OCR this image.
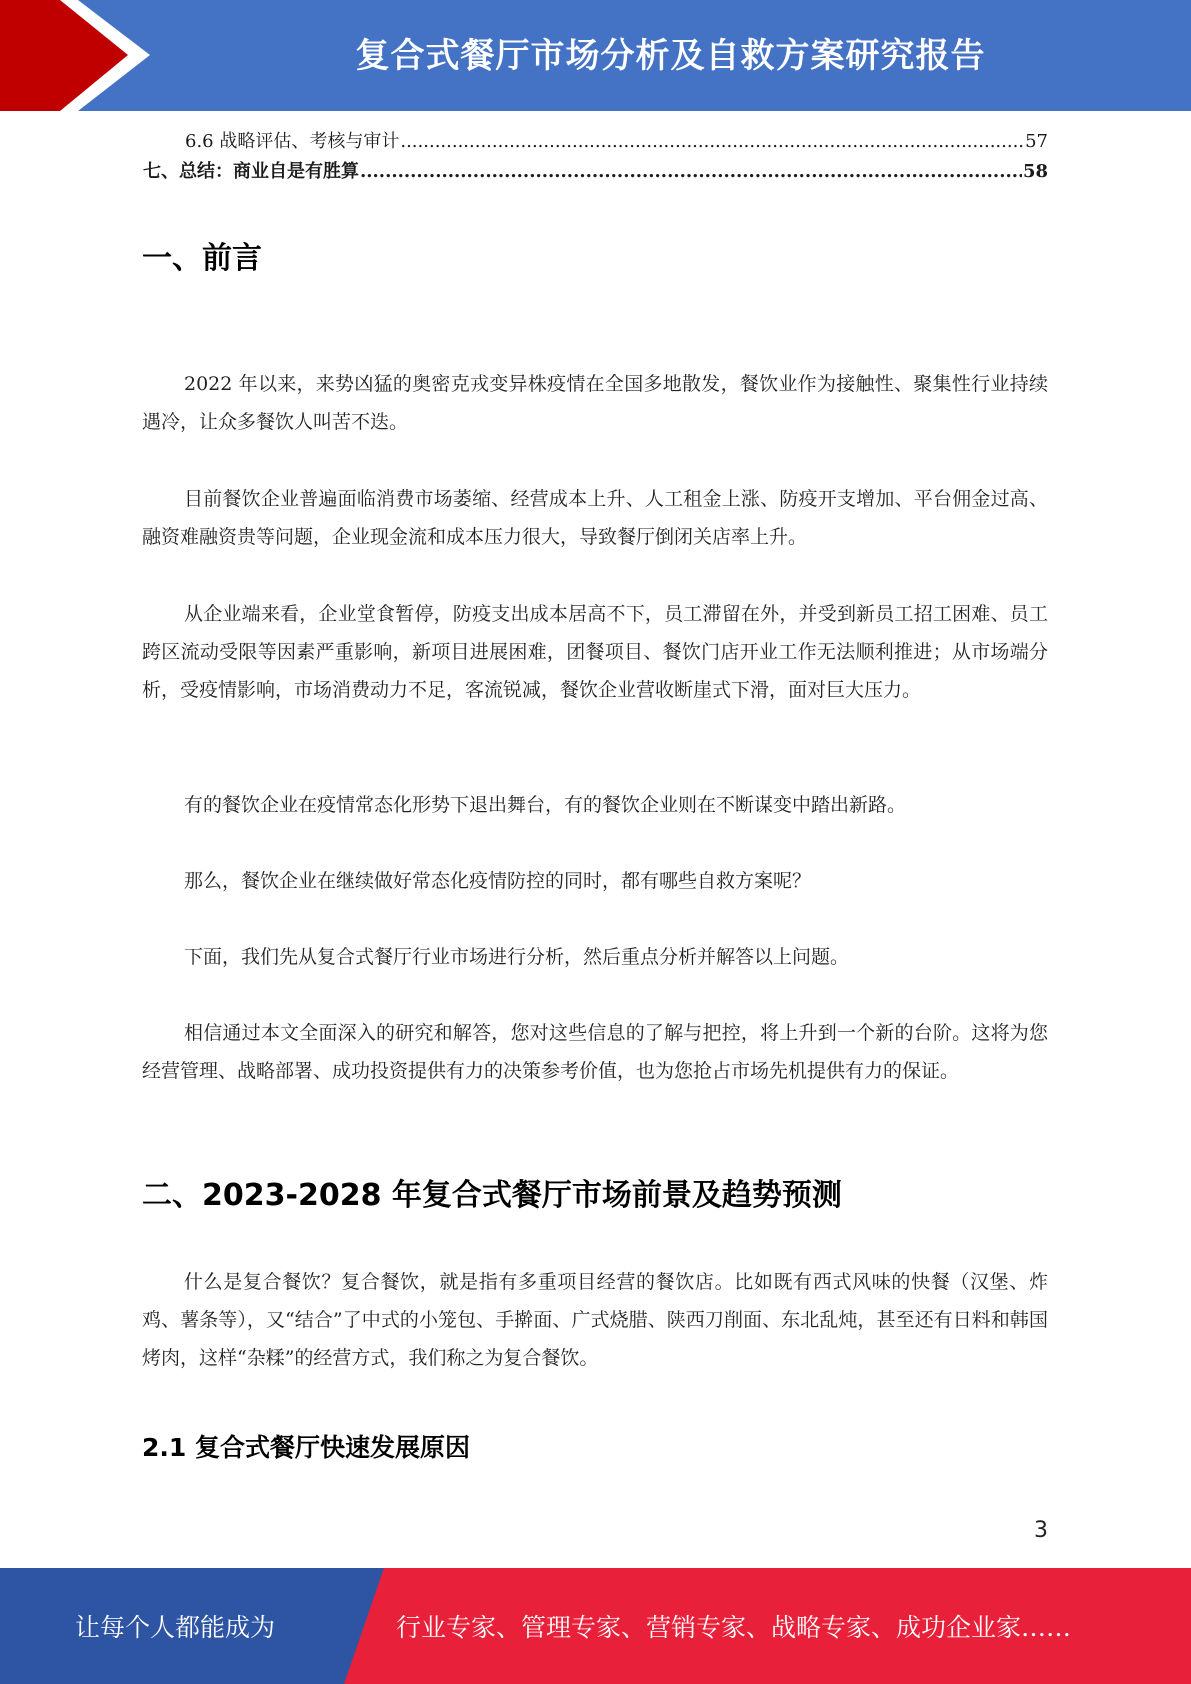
复合式餐厅市场分析及自救方案研究报告
6.6 战略评估、考核与审计 .....	57
七、总结：商业自是有胜算 .....	58
一、前言

2022 年以来，来势凶猛的奥密克戎变异株疫情在全国多地散发，餐饮业作为接触性、聚集性行业持续遇冷，让众多餐饮人叫苦不迭。

目前餐饮企业普遍面临消费市场萎缩、经营成本上升、人工租金上涨、防疫开支增加、平台佣金过高、融资难融资贵等问题，企业现金流和成本压力很大，导致餐厅倒闭关店率上升。

从企业端来看，企业堂食暂停，防疫支出成本居高不下，员工滞留在外，并受到新员工招工困难、员工跨区流动受限等因素严重影响，新项目进展困难，团餐项目、餐饮门店开业工作无法顺利推进；从市场端分析，受疫情影响，市场消费动力不足，客流锐减，餐饮企业营收断崖式下滑，面对巨大压力。

有的餐饮企业在疫情常态化形势下退出舞台，有的餐饮企业则在不断谋变中踏出新路。

那么，餐饮企业在继续做好常态化疫情防控的同时，都有哪些自救方案呢？

下面，我们先从复合式餐厅行业市场进行分析，然后重点分析并解答以上问题。

相信通过本文全面深入的研究和解答，您对这些信息的了解与把控，将上升到一个新的台阶。这将为您经营管理、战略部署、成功投资提供有力的决策参考价值，也为您抢占市场先机提供有力的保证。

二、2023-2028 年复合式餐厅市场前景及趋势预测

什么是复合餐饮？复合餐饮，就是指有多重项目经营的餐饮店。比如既有西式风味的快餐（汉堡、炸鸡、薯条等），又“结合”了中式的小笼包、手擀面、广式烧腊、陕西刀削面、东北乱炖，甚至还有日料和韩国烤肉，这样“杂糅”的经营方式，我们称之为复合餐饮。

2.1 复合式餐厅快速发展原因
3
让每个人都能成为	行业专家、管理专家、营销专家、战略专家、成功企业家……
